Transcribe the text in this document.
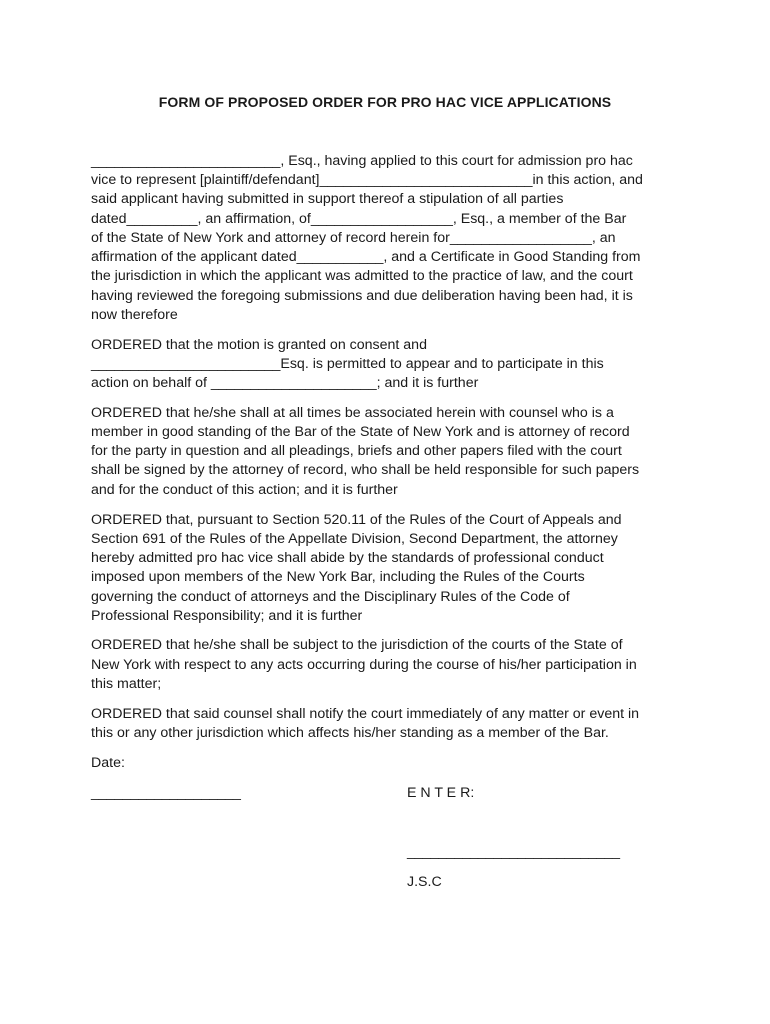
FORM OF PROPOSED ORDER FOR PRO HAC VICE APPLICATIONS
________________________, Esq., having applied to this court for admission pro hac
vice to represent [plaintiff/defendant]___________________________in this action, and
said applicant having submitted in support thereof a stipulation of all parties
dated_________, an affirmation, of__________________, Esq., a member of the Bar
of the State of New York and attorney of record herein for__________________, an
affirmation of the applicant dated___________, and a Certificate in Good Standing from
the jurisdiction in which the applicant was admitted to the practice of law, and the court
having reviewed the foregoing submissions and due deliberation having been had, it is
now therefore
ORDERED that the motion is granted on consent and
________________________Esq. is permitted to appear and to participate in this
action on behalf of _____________________; and it is further
ORDERED that he/she shall at all times be associated herein with counsel who is a
member in good standing of the Bar of the State of New York and is attorney of record
for the party in question and all pleadings, briefs and other papers filed with the court
shall be signed by the attorney of record, who shall be held responsible for such papers
and for the conduct of this action; and it is further
ORDERED that, pursuant to Section 520.11 of the Rules of the Court of Appeals and
Section 691 of the Rules of the Appellate Division, Second Department, the attorney
hereby admitted pro hac vice shall abide by the standards of professional conduct
imposed upon members of the New York Bar, including the Rules of the Courts
governing the conduct of attorneys and the Disciplinary Rules of the Code of
Professional Responsibility; and it is further
ORDERED that he/she shall be subject to the jurisdiction of the courts of the State of
New York with respect to any acts occurring during the course of his/her participation in
this matter;
ORDERED that said counsel shall notify the court immediately of any matter or event in
this or any other jurisdiction which affects his/her standing as a member of the Bar.
Date:
___________________	E N T E R:
___________________________
J.S.C
